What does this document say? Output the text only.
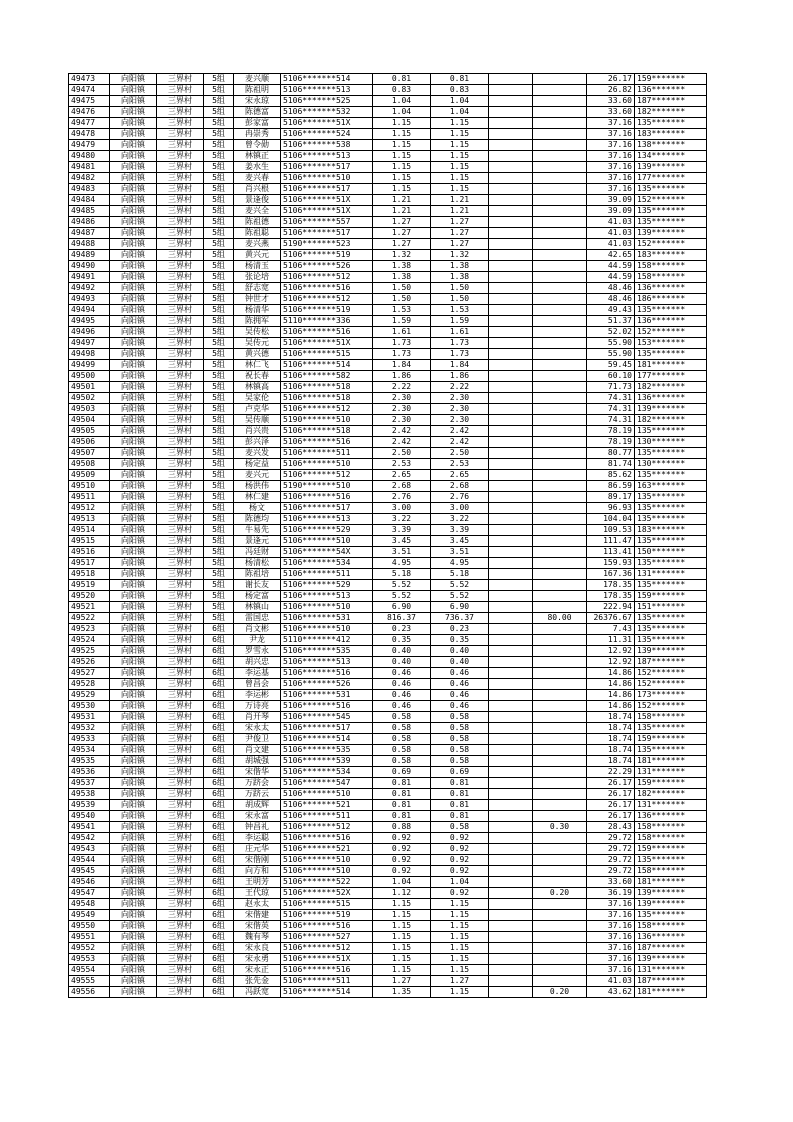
49473	向阳镇	三界村	5组	麦兴顺	5106*******514	0.81	0.81			26.17	159*******
49474	向阳镇	三界村	5组	陈祖明	5106*******513	0.83	0.83			26.82	136*******
49475	向阳镇	三界村	5组	宋永琼	5106*******525	1.04	1.04			33.60	187*******
49476	向阳镇	三界村	5组	陈德富	5106*******532	1.04	1.04			33.60	182*******
49477	向阳镇	三界村	5组	彭家富	5106*******51X	1.15	1.15			37.16	135*******
49478	向阳镇	三界村	5组	冉崇秀	5106*******524	1.15	1.15			37.16	183*******
49479	向阳镇	三界村	5组	曾令勋	5106*******538	1.15	1.15			37.16	138*******
49480	向阳镇	三界村	5组	林镇正	5106*******513	1.15	1.15			37.16	134*******
49481	向阳镇	三界村	5组	姜水生	5106*******517	1.15	1.15			37.16	139*******
49482	向阳镇	三界村	5组	麦兴春	5106*******510	1.15	1.15			37.16	177*******
49483	向阳镇	三界村	5组	肖兴根	5106*******517	1.15	1.15			37.16	135*******
49484	向阳镇	三界村	5组	景逢俊	5106*******51X	1.21	1.21			39.09	152*******
49485	向阳镇	三界村	5组	麦兴全	5106*******51X	1.21	1.21			39.09	135*******
49486	向阳镇	三界村	5组	陈祖德	5106*******557	1.27	1.27			41.03	135*******
49487	向阳镇	三界村	5组	陈祖聪	5106*******517	1.27	1.27			41.03	139*******
49488	向阳镇	三界村	5组	麦兴燕	5190*******523	1.27	1.27			41.03	152*******
49489	向阳镇	三界村	5组	黄兴元	5106*******519	1.32	1.32			42.65	183*******
49490	向阳镇	三界村	5组	杨清玉	5106*******526	1.38	1.38			44.59	158*******
49491	向阳镇	三界村	5组	张论培	5106*******512	1.38	1.38			44.59	158*******
49492	向阳镇	三界村	5组	舒志宽	5106*******516	1.50	1.50			48.46	136*******
49493	向阳镇	三界村	5组	钟世才	5106*******512	1.50	1.50			48.46	186*******
49494	向阳镇	三界村	5组	杨清华	5106*******519	1.53	1.53			49.43	135*******
49495	向阳镇	三界村	5组	陈拥军	5110*******336	1.59	1.59			51.37	136*******
49496	向阳镇	三界村	5组	吴传松	5106*******516	1.61	1.61			52.02	152*******
49497	向阳镇	三界村	5组	吴传元	5106*******51X	1.73	1.73			55.90	153*******
49498	向阳镇	三界村	5组	黄兴德	5106*******515	1.73	1.73			55.90	135*******
49499	向阳镇	三界村	5组	林仁飞	5106*******514	1.84	1.84			59.45	181*******
49500	向阳镇	三界村	5组	祝长春	5106*******582	1.86	1.86			60.10	177*******
49501	向阳镇	三界村	5组	林镇高	5106*******518	2.22	2.22			71.73	182*******
49502	向阳镇	三界村	5组	吴家伦	5106*******518	2.30	2.30			74.31	136*******
49503	向阳镇	三界村	5组	卢克华	5106*******512	2.30	2.30			74.31	139*******
49504	向阳镇	三界村	5组	吴传顺	5190*******510	2.30	2.30			74.31	182*******
49505	向阳镇	三界村	5组	肖兴贵	5106*******518	2.42	2.42			78.19	135*******
49506	向阳镇	三界村	5组	彭兴泽	5106*******516	2.42	2.42			78.19	130*******
49507	向阳镇	三界村	5组	麦兴发	5106*******511	2.50	2.50			80.77	135*******
49508	向阳镇	三界村	5组	杨定益	5106*******510	2.53	2.53			81.74	130*******
49509	向阳镇	三界村	5组	麦兴元	5106*******512	2.65	2.65			85.62	135*******
49510	向阳镇	三界村	5组	杨洪伟	5190*******510	2.68	2.68			86.59	163*******
49511	向阳镇	三界村	5组	林仁建	5106*******516	2.76	2.76			89.17	135*******
49512	向阳镇	三界村	5组	杨文	5106*******517	3.00	3.00			96.93	135*******
49513	向阳镇	三界村	5组	陈德均	5106*******513	3.22	3.22			104.04	135*******
49514	向阳镇	三界村	5组	牛易先	5106*******529	3.39	3.39			109.53	183*******
49515	向阳镇	三界村	5组	景逢元	5106*******510	3.45	3.45			111.47	135*******
49516	向阳镇	三界村	5组	冯廷财	5106*******54X	3.51	3.51			113.41	150*******
49517	向阳镇	三界村	5组	杨清松	5106*******534	4.95	4.95			159.93	135*******
49518	向阳镇	三界村	5组	陈祖培	5106*******511	5.18	5.18			167.36	131*******
49519	向阳镇	三界村	5组	谢长友	5106*******529	5.52	5.52			178.35	135*******
49520	向阳镇	三界村	5组	杨定富	5106*******513	5.52	5.52			178.35	159*******
49521	向阳镇	三界村	5组	林镇山	5106*******510	6.90	6.90			222.94	151*******
49522	向阳镇	三界村	5组	雷国忠	5106*******531	816.37	736.37		80.00	26376.67	135*******
49523	向阳镇	三界村	6组	肖文彬	5106*******510	0.23	0.23			7.43	135*******
49524	向阳镇	三界村	6组	尹龙	5110*******412	0.35	0.35			11.31	135*******
49525	向阳镇	三界村	6组	罗雪永	5106*******535	0.40	0.40			12.92	139*******
49526	向阳镇	三界村	6组	胡兴忠	5106*******513	0.40	0.40			12.92	187*******
49527	向阳镇	三界村	6组	李运基	5106*******516	0.46	0.46			14.86	152*******
49528	向阳镇	三界村	6组	曾昌会	5106*******526	0.46	0.46			14.86	152*******
49529	向阳镇	三界村	6组	李运彬	5106*******531	0.46	0.46			14.86	173*******
49530	向阳镇	三界村	6组	万诗亮	5106*******516	0.46	0.46			14.86	152*******
49531	向阳镇	三界村	6组	肖开琴	5106*******545	0.58	0.58			18.74	158*******
49532	向阳镇	三界村	6组	宋永太	5106*******517	0.58	0.58			18.74	135*******
49533	向阳镇	三界村	6组	尹俊卫	5106*******514	0.58	0.58			18.74	159*******
49534	向阳镇	三界村	6组	肖文建	5106*******535	0.58	0.58			18.74	135*******
49535	向阳镇	三界村	6组	胡城强	5106*******539	0.58	0.58			18.74	181*******
49536	向阳镇	三界村	6组	宋偕华	5106*******534	0.69	0.69			22.29	131*******
49537	向阳镇	三界村	6组	万跻会	5106*******547	0.81	0.81			26.17	159*******
49538	向阳镇	三界村	6组	万跻云	5106*******510	0.81	0.81			26.17	182*******
49539	向阳镇	三界村	6组	胡成辉	5106*******521	0.81	0.81			26.17	131*******
49540	向阳镇	三界村	6组	宋永富	5106*******511	0.81	0.81			26.17	136*******
49541	向阳镇	三界村	6组	钟昌礼	5106*******512	0.88	0.58		0.30	28.43	158*******
49542	向阳镇	三界村	6组	李运聪	5106*******516	0.92	0.92			29.72	158*******
49543	向阳镇	三界村	6组	庄元华	5106*******521	0.92	0.92			29.72	159*******
49544	向阳镇	三界村	6组	宋偕刚	5106*******510	0.92	0.92			29.72	135*******
49545	向阳镇	三界村	6组	向方和	5106*******510	0.92	0.92			29.72	158*******
49546	向阳镇	三界村	6组	王明芳	5106*******522	1.04	1.04			33.60	181*******
49547	向阳镇	三界村	6组	王代琼	5106*******52X	1.12	0.92		0.20	36.19	139*******
49548	向阳镇	三界村	6组	赵永太	5106*******515	1.15	1.15			37.16	139*******
49549	向阳镇	三界村	6组	宋偕建	5106*******519	1.15	1.15			37.16	135*******
49550	向阳镇	三界村	6组	宋偕英	5106*******516	1.15	1.15			37.16	158*******
49551	向阳镇	三界村	6组	魏有琴	5106*******527	1.15	1.15			37.16	136*******
49552	向阳镇	三界村	6组	宋永良	5106*******512	1.15	1.15			37.16	187*******
49553	向阳镇	三界村	6组	宋永勇	5106*******51X	1.15	1.15			37.16	139*******
49554	向阳镇	三界村	6组	宋永正	5106*******516	1.15	1.15			37.16	131*******
49555	向阳镇	三界村	6组	张先金	5106*******511	1.27	1.27			41.03	187*******
49556	向阳镇	三界村	6组	冯跃宽	5106*******514	1.35	1.15		0.20	43.62	181*******
